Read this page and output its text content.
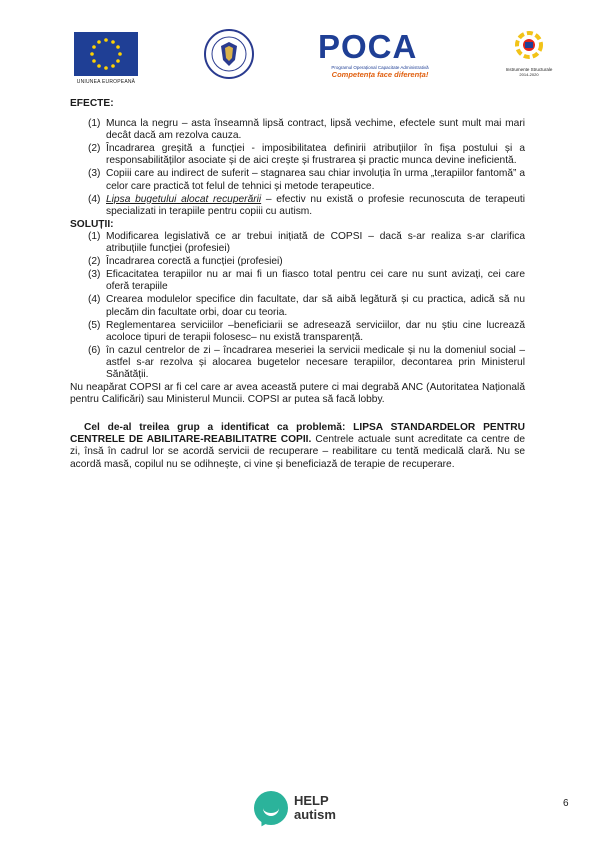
UNIUNEA EUROPEANĂ
POCA
Programul Operațional Capacitate Administrativă
Competența face diferența!
Instrumente Structurale
2014-2020

EFECTE:

(1) Munca la negru – asta înseamnă lipsă contract, lipsă vechime, efectele sunt mult mai mari decât dacă am rezolva cauza.
(2) Încadrarea greșită a funcției - imposibilitatea definirii atribuțiilor în fișa postului și a responsabilităților asociate și de aici crește și frustrarea și practic munca devine ineficientă.
(3) Copiii care au indirect de suferit – stagnarea sau chiar involuția în urma „terapiilor fantomă” a celor care practică tot felul de tehnici și metode terapeutice.
(4) Lipsa bugetului alocat recuperării – efectiv nu există o profesie recunoscuta de terapeuti specializati in terapiile pentru copiii cu autism.

SOLUȚII:

(1) Modificarea legislativă ce ar trebui inițiată de COPSI – dacă s-ar realiza s-ar clarifica atribuțiile funcției (profesiei)
(2) Încadrarea corectă a funcției (profesiei)
(3) Eficacitatea terapiilor nu ar mai fi un fiasco total pentru cei care nu sunt avizați, cei care oferă terapiile
(4) Crearea modulelor specifice din facultate, dar să aibă legătură și cu practica, adică să nu plecăm din facultate orbi, doar cu teoria.
(5) Reglementarea serviciilor –beneficiarii se adresează serviciilor, dar nu știu cine lucrează acoloce tipuri de terapii folosesc– nu există transparență.
(6) în cazul centrelor de zi – încadrarea meseriei la servicii medicale și nu la domeniul social – astfel s-ar rezolva și alocarea bugetelor necesare terapiilor, decontarea prin Ministerul Sănătății.

Nu neapărat COPSI ar fi cel care ar avea această putere ci mai degrabă ANC (Autoritatea Națională pentru Calificări) sau Ministerul Muncii. COPSI ar putea să facă lobby.

Cel de-al treilea grup a identificat ca problemă: LIPSA STANDARDELOR PENTRU CENTRELE DE ABILITARE-REABILITATRE COPII. Centrele actuale sunt acreditate ca centre de zi, însă în cadrul lor se acordă servicii de recuperare – reabilitare cu tentă medicală clară. Nu se acordă masă, copilul nu se odihnește, ci vine și beneficiază de terapie de recuperare.

HELP
autism
6
